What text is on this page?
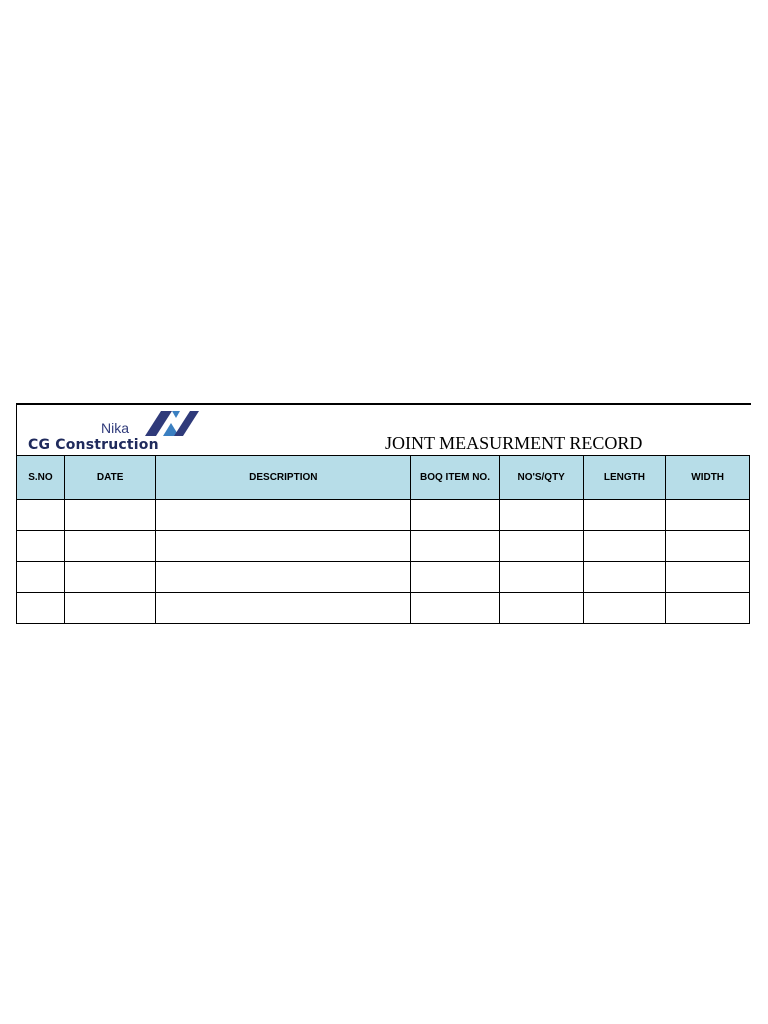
Nika
CG Construction	JOINT MEASURMENT RECORD
S.NO	DATE	DESCRIPTION	BOQ ITEM NO.	NO'S/QTY	LENGTH	WIDTH
